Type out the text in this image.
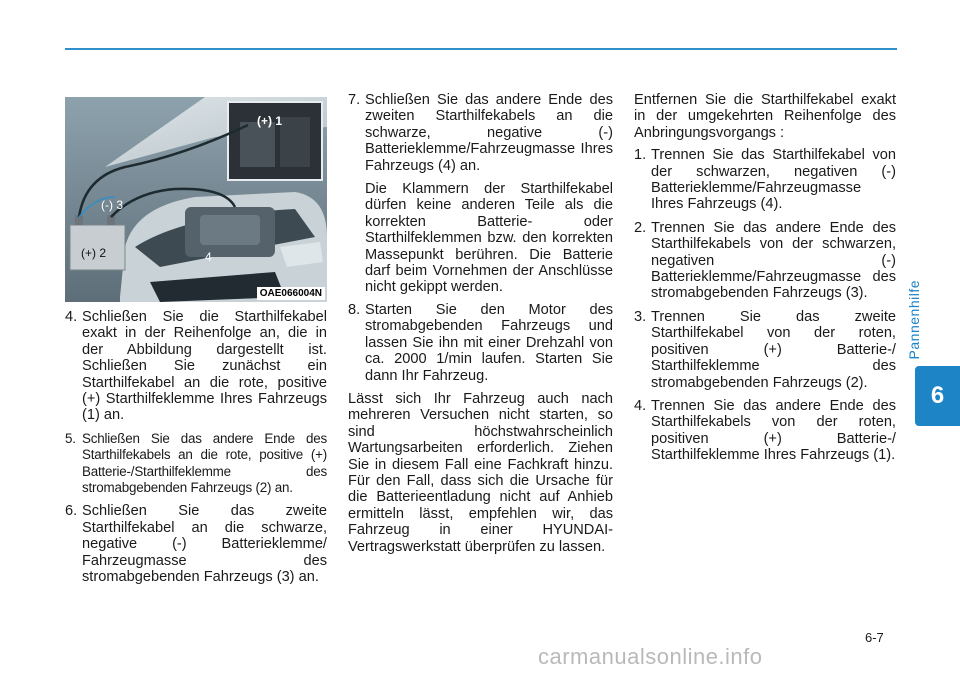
Pannenhilfe
6
(-) 3
(+) 2	4
(+) 1
OAE066004N
4. Schließen Sie die Starthilfekabel exakt in der Reihenfolge an, die in der Abbildung dargestellt ist. Schließen Sie zunächst ein Starthilfekabel an die rote, positive (+) Starthilfeklemme Ihres Fahrzeugs (1) an.
5. Schließen Sie das andere Ende des Starthilfekabels an die rote, positive (+) Batterie-/Starthilfeklemme des stromabgebenden Fahrzeugs (2) an.
6. Schließen Sie das zweite Starthilfekabel an die schwarze, negative (-) Batterieklemme/ Fahrzeugmasse des stromabgebenden Fahrzeugs (3) an.
7. Schließen Sie das andere Ende des zweiten Starthilfekabels an die schwarze, negative (-) Batterieklemme/Fahrzeugmasse Ihres Fahrzeugs (4) an.

Die Klammern der Starthilfekabel dürfen keine anderen Teile als die korrekten Batterie- oder Starthilfeklemmen bzw. den korrekten Massepunkt berühren. Die Batterie darf beim Vornehmen der Anschlüsse nicht gekippt werden.

8. Starten Sie den Motor des stromabgebenden Fahrzeugs und lassen Sie ihn mit einer Drehzahl von ca. 2000 1/min laufen. Starten Sie dann Ihr Fahrzeug.

Lässt sich Ihr Fahrzeug auch nach mehreren Versuchen nicht starten, so sind höchstwahrscheinlich Wartungsarbeiten erforderlich. Ziehen Sie in diesem Fall eine Fachkraft hinzu. Für den Fall, dass sich die Ursache für die Batterieentladung nicht auf Anhieb ermitteln lässt, empfehlen wir, das Fahrzeug in einer HYUNDAI-Vertragswerkstatt überprüfen zu lassen.

Entfernen Sie die Starthilfekabel exakt in der umgekehrten Reihenfolge des Anbringungsvorgangs :

1. Trennen Sie das Starthilfekabel von der schwarzen, negativen (-) Batterieklemme/Fahrzeugmasse Ihres Fahrzeugs (4).
2. Trennen Sie das andere Ende des Starthilfekabels von der schwarzen, negativen (-) Batterieklemme/Fahrzeugmasse des stromabgebenden Fahrzeugs (3).
3. Trennen Sie das zweite Starthilfekabel von der roten, positiven (+) Batterie-/ Starthilfeklemme des stromabgebenden Fahrzeugs (2).
4. Trennen Sie das andere Ende des Starthilfekabels von der roten, positiven (+) Batterie-/ Starthilfeklemme Ihres Fahrzeugs (1).
6-7
carmanualsonline.info
